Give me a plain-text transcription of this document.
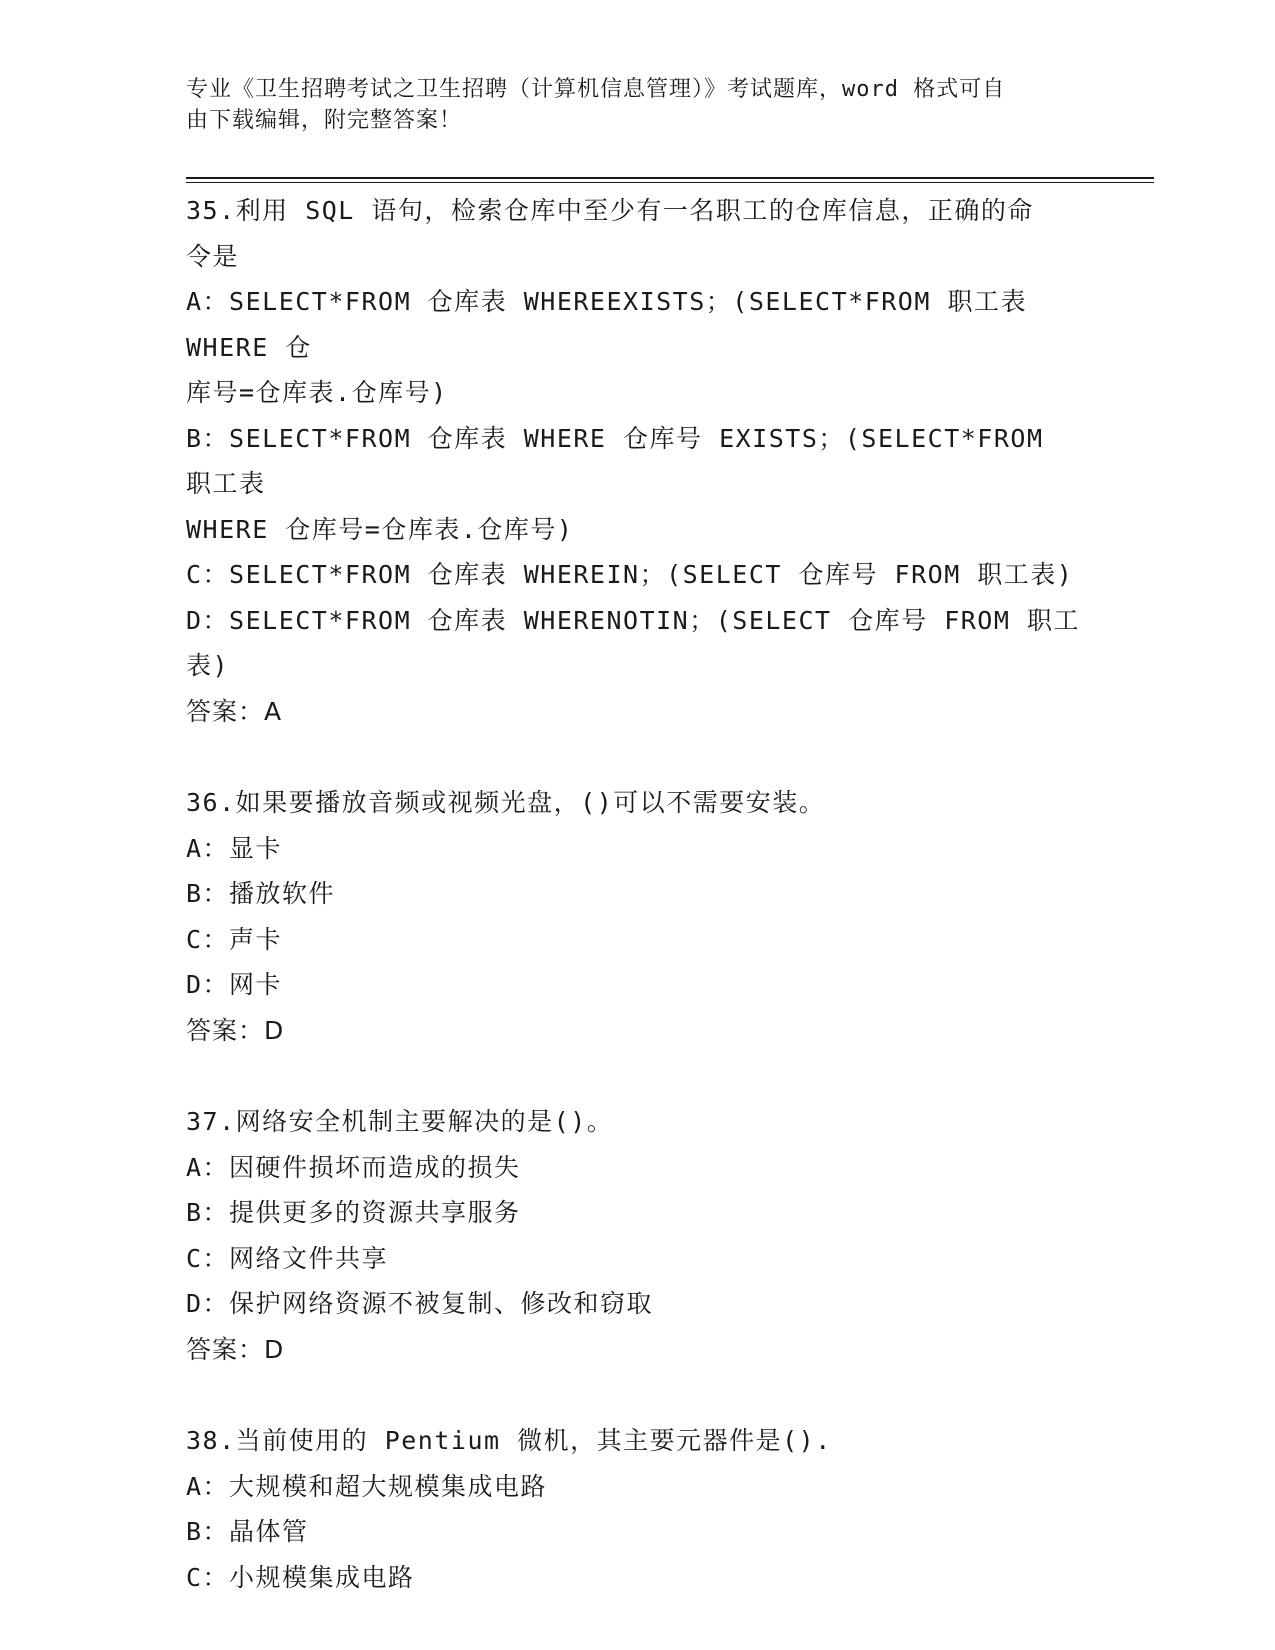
专业《卫生招聘考试之卫生招聘（计算机信息管理）》考试题库，word 格式可自
由下载编辑，附完整答案！
35.利用 SQL 语句，检索仓库中至少有一名职工的仓库信息，正确的命
令是
A：SELECT*FROM 仓库表 WHEREEXISTS；(SELECT*FROM 职工表 WHERE 仓
库号=仓库表.仓库号)
B：SELECT*FROM 仓库表 WHERE 仓库号 EXISTS；(SELECT*FROM 职工表
WHERE 仓库号=仓库表.仓库号)
C：SELECT*FROM 仓库表 WHEREIN；(SELECT 仓库号 FROM 职工表)
D：SELECT*FROM 仓库表 WHERENOTIN；(SELECT 仓库号 FROM 职工表)
答案：A
36.如果要播放音频或视频光盘，()可以不需要安装。
A：显卡
B：播放软件
C：声卡
D：网卡
答案：D
37.网络安全机制主要解决的是()。
A：因硬件损坏而造成的损失
B：提供更多的资源共享服务
C：网络文件共享
D：保护网络资源不被复制、修改和窃取
答案：D
38.当前使用的 Pentium 微机，其主要元器件是().
A：大规模和超大规模集成电路
B：晶体管
C：小规模集成电路
